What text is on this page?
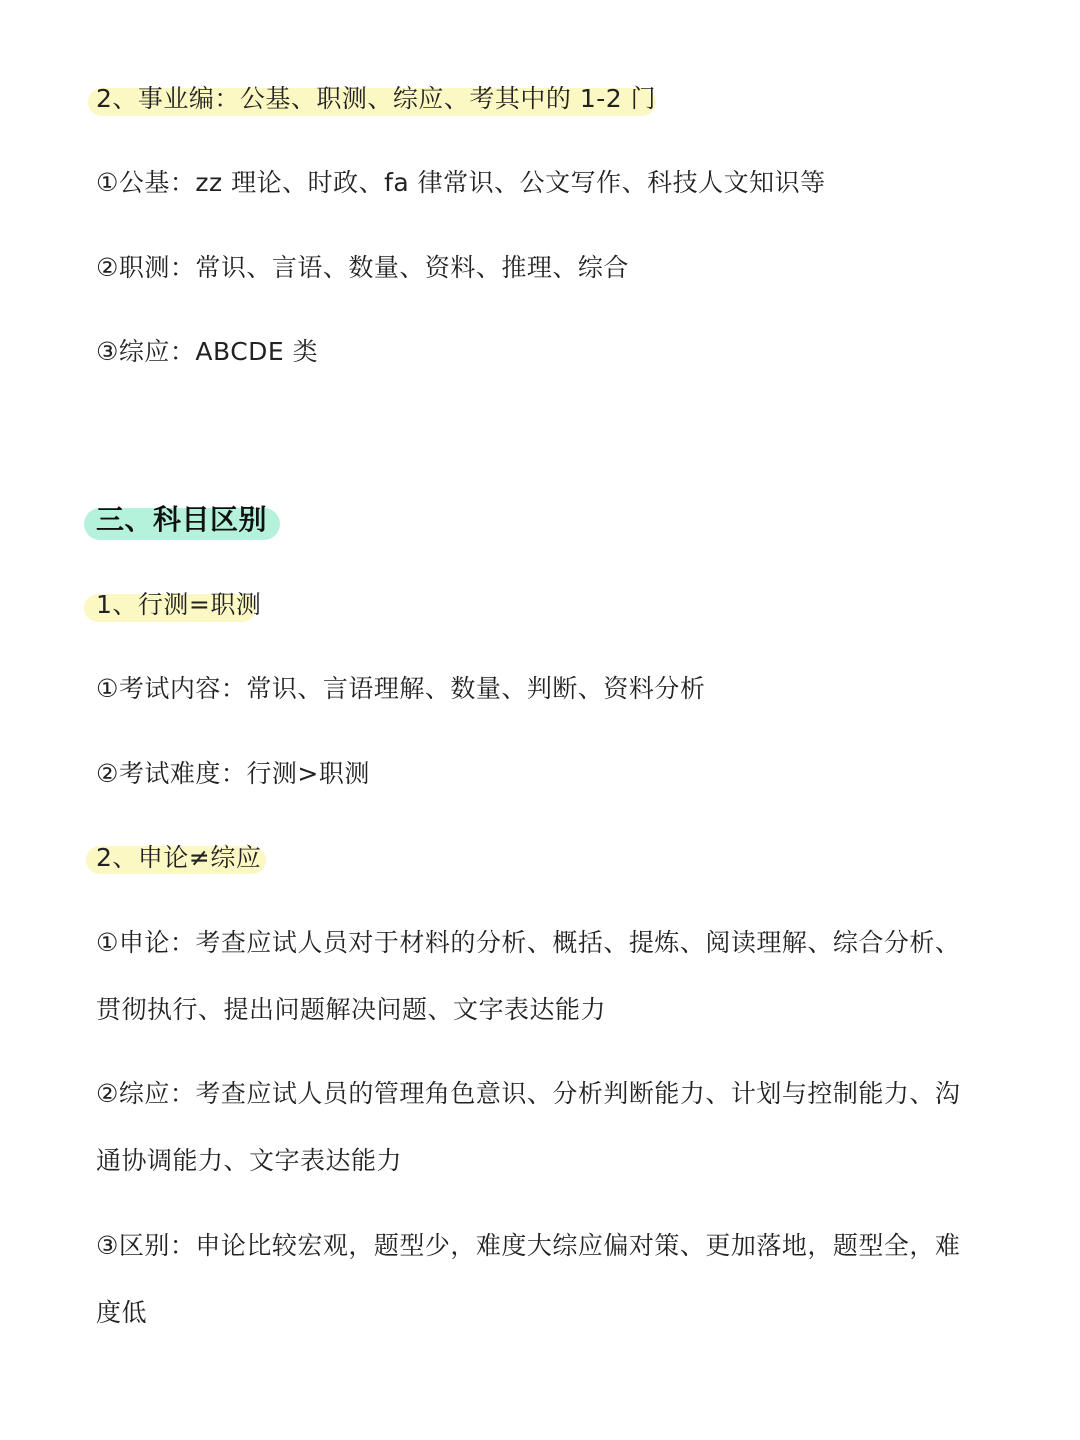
2、事业编：公基、职测、综应、考其中的 1-2 门
①公基：zz 理论、时政、fa 律常识、公文写作、科技人文知识等
②职测：常识、言语、数量、资料、推理、综合
③综应：ABCDE 类
三、科目区别
1、行测=职测
①考试内容：常识、言语理解、数量、判断、资料分析
②考试难度：行测>职测
2、申论≠综应
①申论：考查应试人员对于材料的分析、概括、提炼、阅读理解、综合分析、
贯彻执行、提出问题解决问题、文字表达能力
②综应：考查应试人员的管理角色意识、分析判断能力、计划与控制能力、沟
通协调能力、文字表达能力
③区别：申论比较宏观，题型少，难度大综应偏对策、更加落地，题型全，难
度低
